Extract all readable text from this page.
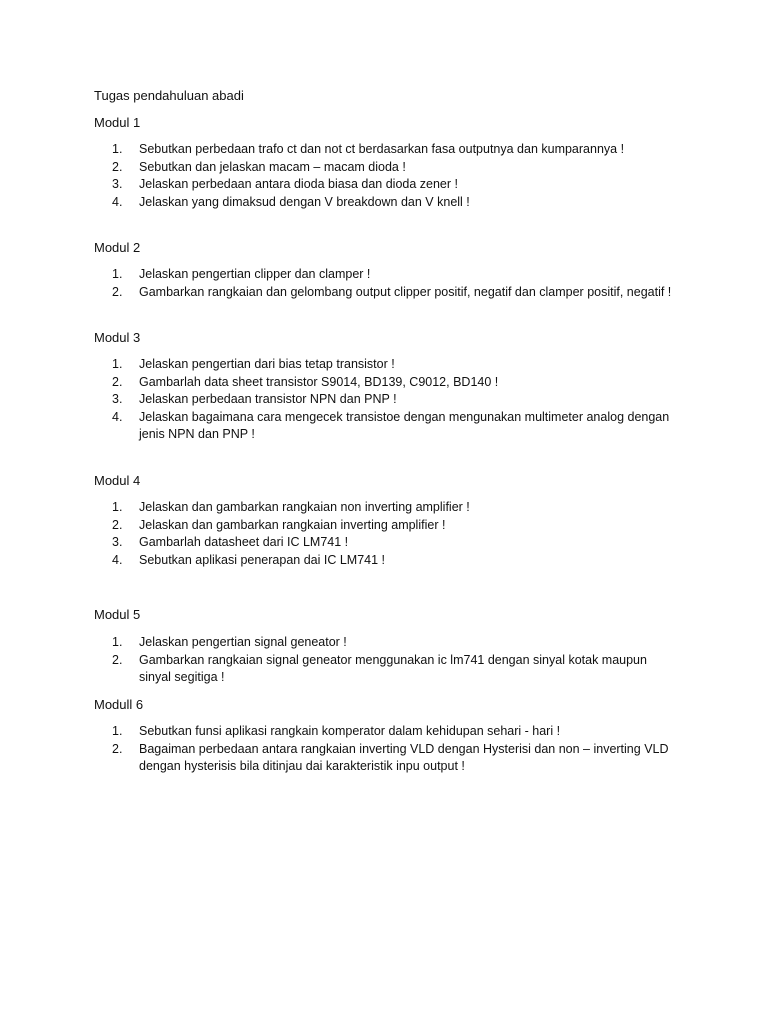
Tugas pendahuluan abadi
Modul 1
1.	Sebutkan perbedaan trafo ct dan not ct berdasarkan fasa outputnya dan kumparannya !
2.	Sebutkan dan jelaskan macam – macam dioda !
3.	Jelaskan perbedaan antara dioda biasa dan dioda zener !
4.	Jelaskan yang dimaksud dengan V breakdown dan V knell !
Modul 2
1.	Jelaskan pengertian clipper dan clamper !
2.	Gambarkan rangkaian dan gelombang output clipper positif, negatif dan clamper positif, negatif !
Modul 3
1.	Jelaskan pengertian dari bias tetap transistor !
2.	Gambarlah data sheet transistor S9014, BD139, C9012, BD140 !
3.	Jelaskan perbedaan transistor NPN dan PNP !
4.	Jelaskan bagaimana cara mengecek transistoe dengan mengunakan multimeter analog dengan jenis NPN dan PNP !
Modul 4
1.	Jelaskan dan gambarkan rangkaian non inverting amplifier !
2.	Jelaskan dan gambarkan rangkaian inverting amplifier !
3.	Gambarlah datasheet dari IC LM741 !
4.	Sebutkan aplikasi penerapan dai IC LM741 !
Modul 5
1.	Jelaskan pengertian signal geneator !
2.	Gambarkan rangkaian signal geneator menggunakan ic lm741 dengan sinyal kotak maupun sinyal segitiga !
Modull 6
1.	Sebutkan funsi aplikasi rangkain komperator dalam kehidupan sehari - hari !
2.	Bagaiman perbedaan antara rangkaian inverting VLD dengan Hysterisi dan non – inverting VLD dengan hysterisis bila ditinjau dai karakteristik inpu output !
